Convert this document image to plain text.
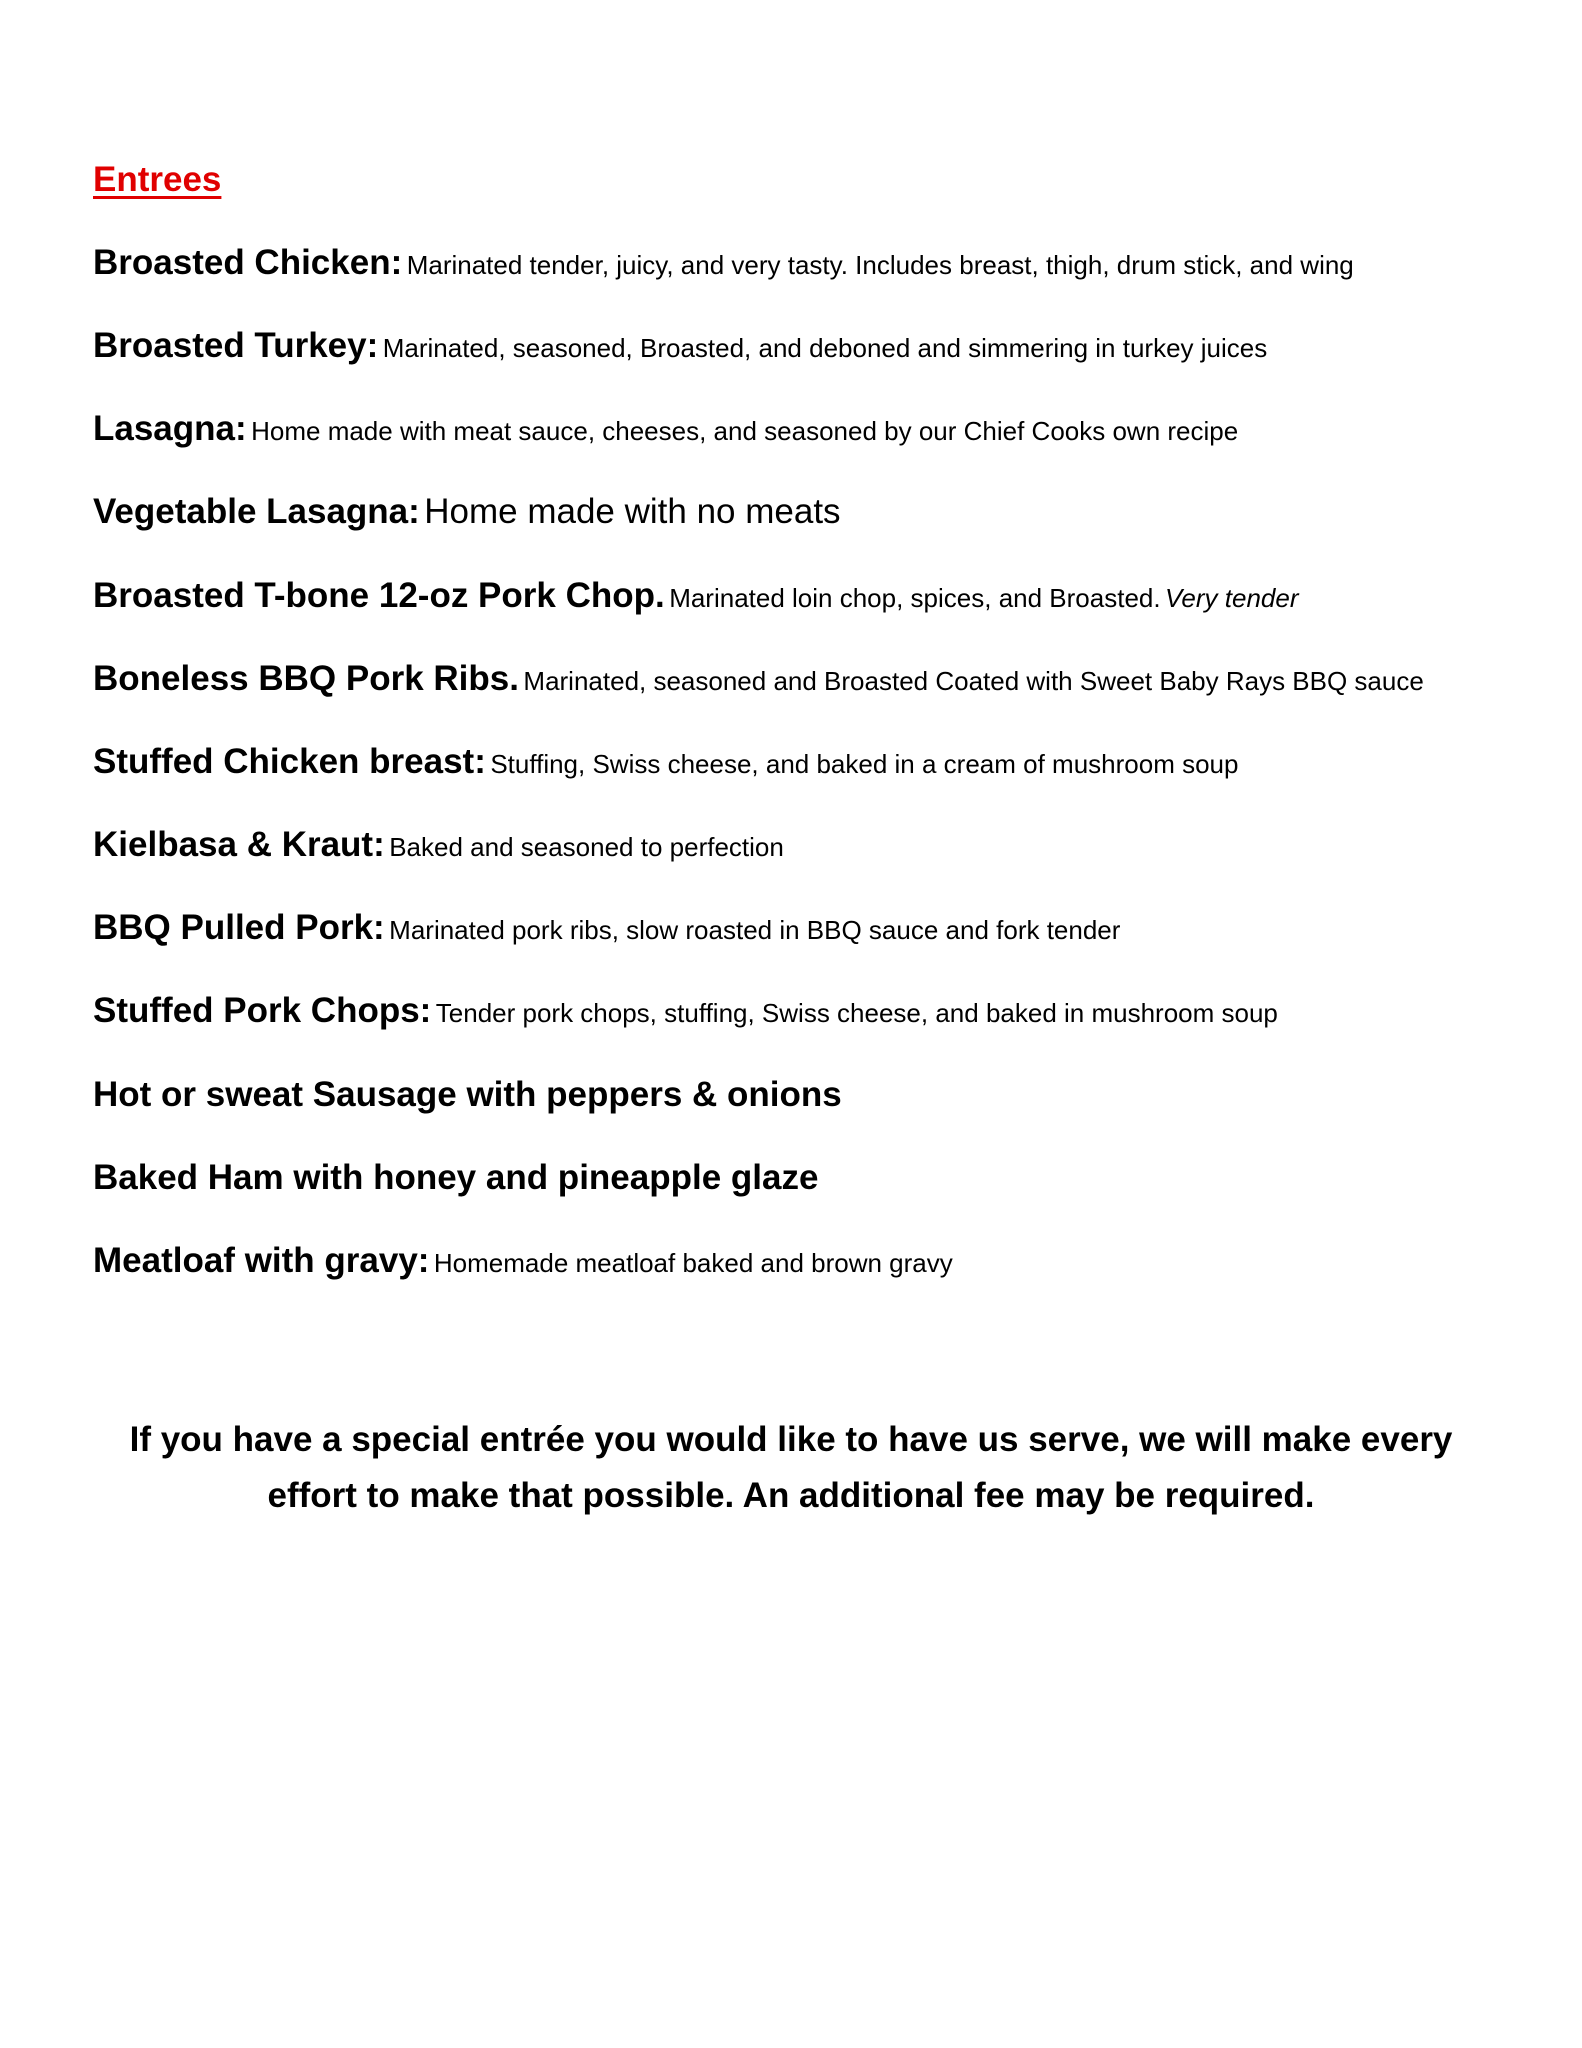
Entrees
Broasted Chicken: Marinated tender, juicy, and very tasty. Includes breast, thigh, drum stick, and wing
Broasted Turkey: Marinated, seasoned, Broasted, and deboned and simmering in turkey juices
Lasagna: Home made with meat sauce, cheeses, and seasoned by our Chief Cooks own recipe
Vegetable Lasagna: Home made with no meats
Broasted T-bone 12-oz Pork Chop. Marinated loin chop, spices, and Broasted. Very tender
Boneless BBQ Pork Ribs. Marinated, seasoned and Broasted Coated with Sweet Baby Rays BBQ sauce
Stuffed Chicken breast: Stuffing, Swiss cheese, and baked in a cream of mushroom soup
Kielbasa & Kraut: Baked and seasoned to perfection
BBQ Pulled Pork: Marinated pork ribs, slow roasted in BBQ sauce and fork tender
Stuffed Pork Chops: Tender pork chops, stuffing, Swiss cheese, and baked in mushroom soup
Hot or sweat Sausage with peppers & onions
Baked Ham with honey and pineapple glaze
Meatloaf with gravy: Homemade meatloaf baked and brown gravy
If you have a special entrée you would like to have us serve, we will make every
effort to make that possible. An additional fee may be required.
